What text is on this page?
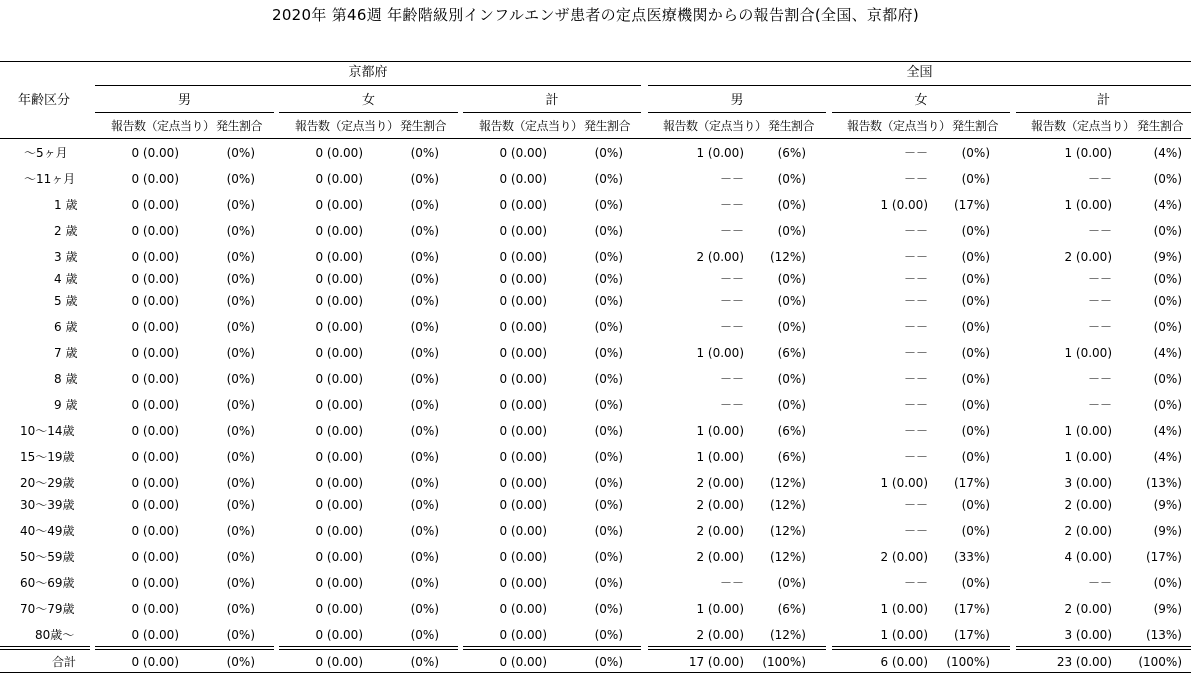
2020年 第46週 年齢階級別インフルエンザ患者の定点医療機関からの報告割合(全国、京都府)
京都府	全国
年齢区分	男
報告数（定点当り） 発生割合
女
報告数（定点当り） 発生割合
計
報告数（定点当り） 発生割合
男
報告数（定点当り） 発生割合
女
報告数（定点当り） 発生割合
計
報告数（定点当り） 発生割合
～5ヶ月	0 (0.00)	(0%)	0 (0.00)	(0%)	0 (0.00)	(0%)	1 (0.00)	(6%)	－－	(0%)	1 (0.00)	(4%)
～11ヶ月	0 (0.00)	(0%)	0 (0.00)	(0%)	0 (0.00)	(0%)	－－	(0%)	－－	(0%)	－－	(0%)
1 歳	0 (0.00)	(0%)	0 (0.00)	(0%)	0 (0.00)	(0%)	－－	(0%)	1 (0.00)	(17%)	1 (0.00)	(4%)
2 歳	0 (0.00)	(0%)	0 (0.00)	(0%)	0 (0.00)	(0%)	－－	(0%)	－－	(0%)	－－	(0%)
3 歳	0 (0.00)	(0%)	0 (0.00)	(0%)	0 (0.00)	(0%)	2 (0.00)	(12%)	－－	(0%)	2 (0.00)	(9%)
4 歳	0 (0.00)	(0%)	0 (0.00)	(0%)	0 (0.00)	(0%)	－－	(0%)	－－	(0%)	－－	(0%)
5 歳	0 (0.00)	(0%)	0 (0.00)	(0%)	0 (0.00)	(0%)	－－	(0%)	－－	(0%)	－－	(0%)
6 歳	0 (0.00)	(0%)	0 (0.00)	(0%)	0 (0.00)	(0%)	－－	(0%)	－－	(0%)	－－	(0%)
7 歳	0 (0.00)	(0%)	0 (0.00)	(0%)	0 (0.00)	(0%)	1 (0.00)	(6%)	－－	(0%)	1 (0.00)	(4%)
8 歳	0 (0.00)	(0%)	0 (0.00)	(0%)	0 (0.00)	(0%)	－－	(0%)	－－	(0%)	－－	(0%)
9 歳	0 (0.00)	(0%)	0 (0.00)	(0%)	0 (0.00)	(0%)	－－	(0%)	－－	(0%)	－－	(0%)
10～14歳	0 (0.00)	(0%)	0 (0.00)	(0%)	0 (0.00)	(0%)	1 (0.00)	(6%)	－－	(0%)	1 (0.00)	(4%)
15～19歳	0 (0.00)	(0%)	0 (0.00)	(0%)	0 (0.00)	(0%)	1 (0.00)	(6%)	－－	(0%)	1 (0.00)	(4%)
20～29歳	0 (0.00)	(0%)	0 (0.00)	(0%)	0 (0.00)	(0%)	2 (0.00)	(12%)	1 (0.00)	(17%)	3 (0.00)	(13%)
30～39歳	0 (0.00)	(0%)	0 (0.00)	(0%)	0 (0.00)	(0%)	2 (0.00)	(12%)	－－	(0%)	2 (0.00)	(9%)
40～49歳	0 (0.00)	(0%)	0 (0.00)	(0%)	0 (0.00)	(0%)	2 (0.00)	(12%)	－－	(0%)	2 (0.00)	(9%)
50～59歳	0 (0.00)	(0%)	0 (0.00)	(0%)	0 (0.00)	(0%)	2 (0.00)	(12%)	2 (0.00)	(33%)	4 (0.00)	(17%)
60～69歳	0 (0.00)	(0%)	0 (0.00)	(0%)	0 (0.00)	(0%)	－－	(0%)	－－	(0%)	－－	(0%)
70～79歳	0 (0.00)	(0%)	0 (0.00)	(0%)	0 (0.00)	(0%)	1 (0.00)	(6%)	1 (0.00)	(17%)	2 (0.00)	(9%)
80歳～	0 (0.00)	(0%)	0 (0.00)	(0%)	0 (0.00)	(0%)	2 (0.00)	(12%)	1 (0.00)	(17%)	3 (0.00)	(13%)
合計	0 (0.00)	(0%)	0 (0.00)	(0%)	0 (0.00)	(0%)	17 (0.00)	(100%)	6 (0.00)	(100%)	23 (0.00)	(100%)
